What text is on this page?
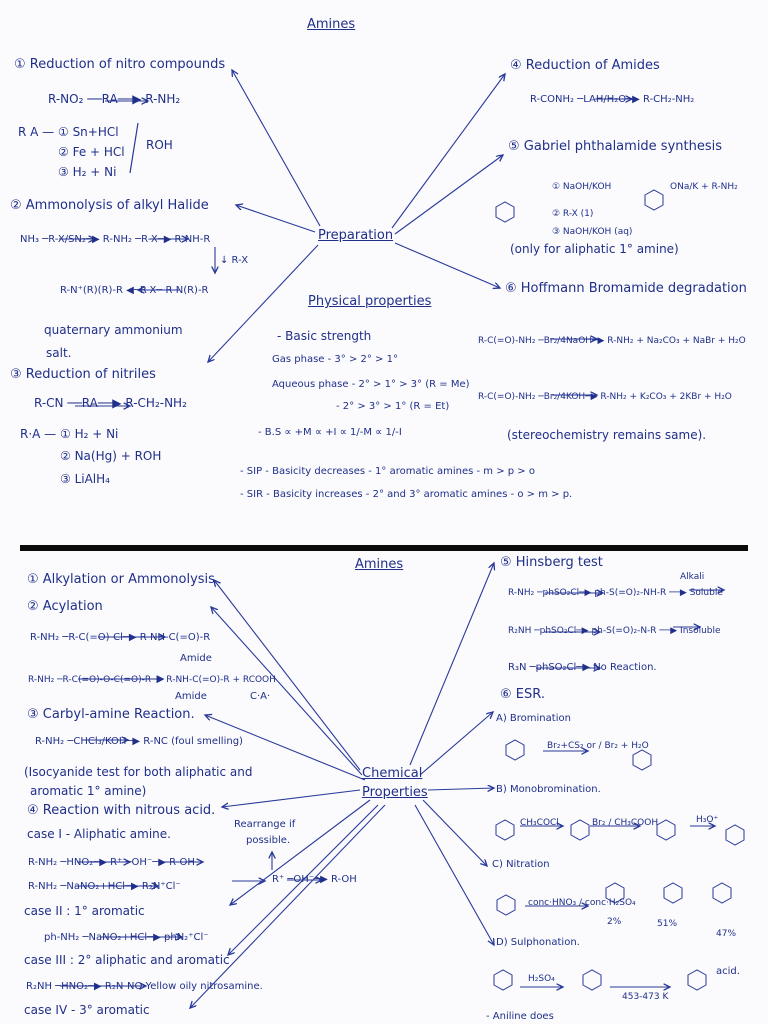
Amines
Preparation
① Reduction of nitro compounds
R-NO₂ ──RA──▶ R-NH₂
R A — ① Sn+HCl
② Fe + HCl
③ H₂ + Ni
ROH
② Ammonolysis of alkyl Halide
NH₃ ─R-X/SN₂─▶ R-NH₂ ─R-X─▶ R-NH-R
↓ R-X
R-N⁺(R)(R)-R ◀─R-X─ R-N(R)-R
quaternary ammonium
salt.
③ Reduction of nitriles
R-CN ──RA──▶ R-CH₂-NH₂
R·A — ① H₂ + Ni
② Na(Hg) + ROH
③ LiAlH₄
④ Reduction of Amides
R-CONH₂ ─LAH/H₂O─▶ R-CH₂-NH₂
⑤ Gabriel phthalamide synthesis
① NaOH/KOH
② R-X (1)
③ NaOH/KOH (aq)
ONa/K + R-NH₂
(only for aliphatic 1° amine)
⑥ Hoffmann Bromamide degradation
R-C(=O)-NH₂ ─Br₂/4NaOH─▶ R-NH₂ + Na₂CO₃ + NaBr + H₂O
R-C(=O)-NH₂ ─Br₂/4KOH─▶ R-NH₂ + K₂CO₃ + 2KBr + H₂O
(stereochemistry remains same).
Physical properties
- Basic strength
Gas phase - 3° > 2° > 1°
Aqueous phase - 2° > 1° > 3° (R = Me)
- 2° > 3° > 1° (R = Et)
- B.S ∝ +M ∝ +I ∝ 1/-M ∝ 1/-I
- SIP - Basicity decreases - 1° aromatic amines - m > p > o
- SIR - Basicity increases - 2° and 3° aromatic amines - o > m > p.
Amines
Chemical
Properties
① Alkylation or Ammonolysis
② Acylation
R-NH₂ ─R-C(=O)-Cl─▶ R-NH-C(=O)-R
Amide
R-NH₂ ─R-C(=O)-O-C(=O)-R─▶ R-NH-C(=O)-R + RCOOH
Amide	C·A·
③ Carbyl-amine Reaction.
R-NH₂ ─CHCl₃/KOH─▶ R-NC (foul smelling)
(Isocyanide test for both aliphatic and
aromatic 1° amine)
④ Reaction with nitrous acid.
case I - Aliphatic amine.
Rearrange if
possible.
R-NH₂ ─HNO₂─▶ R⁺ ─OH⁻─▶ R-OH
R-NH₂ ─NaNO₂+HCl─▶ R₂N⁺Cl⁻
R⁺ ─OH⁻─▶ R-OH
case II : 1° aromatic
ph-NH₂ ─NaNO₂+HCl─▶ phN₂⁺Cl⁻
case III : 2° aliphatic and aromatic
R₂NH ─HNO₂─▶ R₂N-NO Yellow oily nitrosamine.
case IV - 3° aromatic
⑤ Hinsberg test
Alkali
R-NH₂ ─phSO₂Cl─▶ ph-S(=O)₂-NH-R ──▶ Soluble
R₂NH ─phSO₂Cl─▶ ph-S(=O)₂-N-R ──▶ Insoluble
R₃N ─phSO₂Cl─▶ No Reaction.
⑥ ESR.
A) Bromination
Br₂+CS₂ or / Br₂ + H₂O
B) Monobromination.
CH₃COCl	Br₂ / CH₃COOH	H₃O⁺
C) Nitration
conc·HNO₃ / conc·H₂SO₄
2%	51%
47%
D) Sulphonation.
H₂SO₄
453-473 K
acid.
- Aniline does
